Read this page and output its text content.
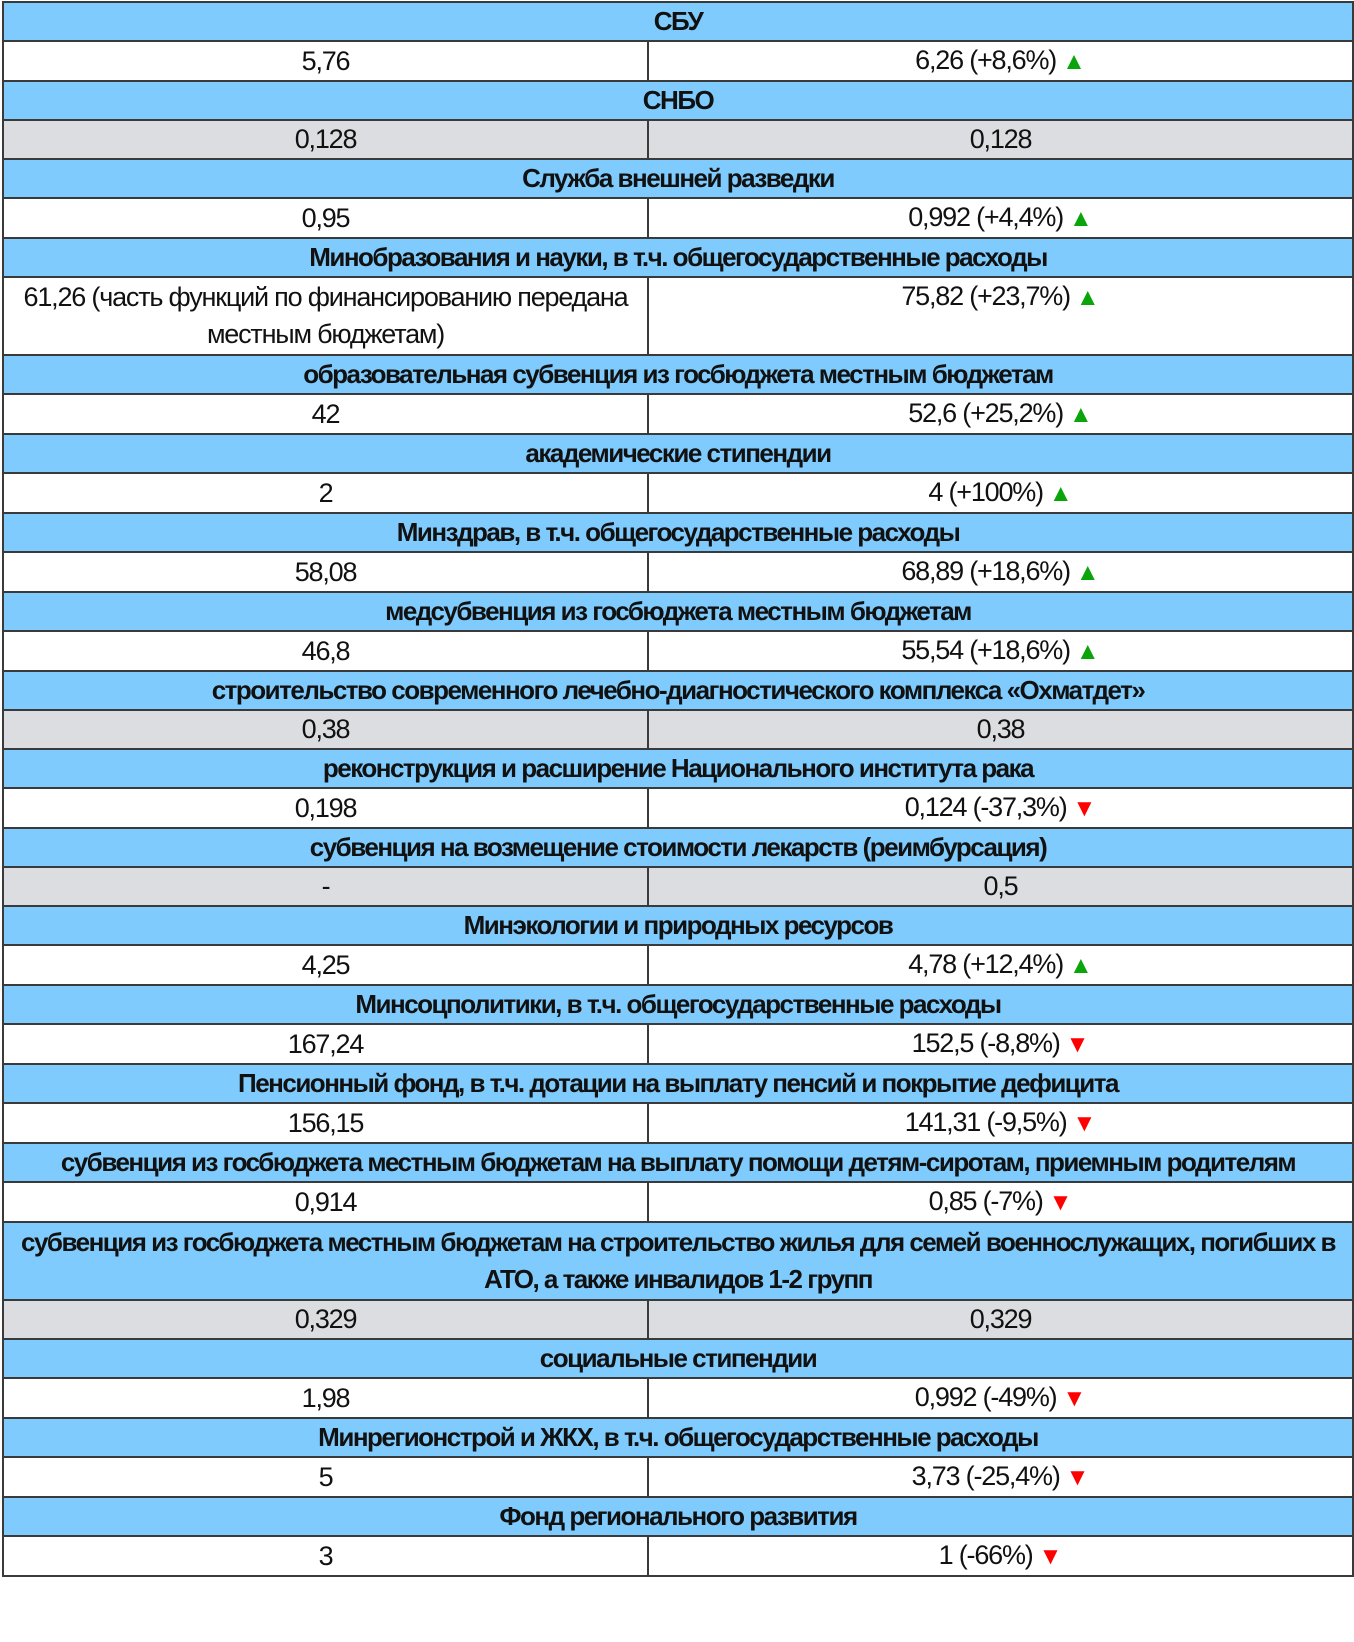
СБУ	
5,76	6,26 (+8,6%) ▲
СНБО	
0,128	0,128
Служба внешней разведки	
0,95	0,992 (+4,4%) ▲
Минобразования и науки, в т.ч. общегосударственные расходы	
61,26 (часть функций по финансированию передана местным бюджетам)	75,82 (+23,7%) ▲
образовательная субвенция из госбюджета местным бюджетам	
42	52,6 (+25,2%) ▲
академические стипендии	
2	4 (+100%) ▲
Минздрав, в т.ч. общегосударственные расходы	
58,08	68,89 (+18,6%) ▲
медсубвенция из госбюджета местным бюджетам	
46,8	55,54 (+18,6%) ▲
строительство современного лечебно-диагностического комплекса «Охматдет»	
0,38	0,38
реконструкция и расширение Национального института рака	
0,198	0,124 (-37,3%) ▼
субвенция на возмещение стоимости лекарств (реимбурсация)	
-	0,5
Минэкологии и природных ресурсов	
4,25	4,78 (+12,4%) ▲
Минсоцполитики, в т.ч. общегосударственные расходы	
167,24	152,5 (-8,8%) ▼
Пенсионный фонд, в т.ч. дотации на выплату пенсий и покрытие дефицита	
156,15	141,31 (-9,5%) ▼
субвенция из госбюджета местным бюджетам на выплату помощи детям-сиротам, приемным родителям	
0,914	0,85 (-7%) ▼
субвенция из госбюджета местным бюджетам на строительство жилья для семей военнослужащих, погибших в АТО, а также инвалидов 1-2 групп	
0,329	0,329
социальные стипендии	
1,98	0,992 (-49%) ▼
Минрегионстрой и ЖКХ, в т.ч. общегосударственные расходы	
5	3,73 (-25,4%) ▼
Фонд регионального развития	
3	1 (-66%) ▼
